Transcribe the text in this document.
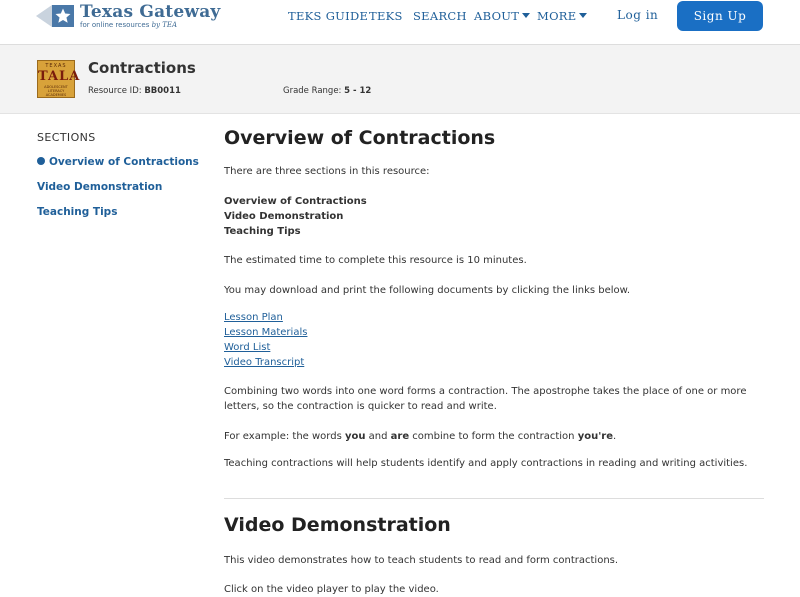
Texas Gateway
for online resources by TEA
TEKS GUIDE TEKS SEARCH ABOUT	MORE	Log in	Sign Up
TEXAS
TALA
ADOLESCENT LITERACY ACADEMIES
Contractions
Resource ID: BB0011	Grade Range: 5 - 12
SECTIONS
Overview of Contractions
Video Demonstration
Teaching Tips
Overview of Contractions
There are three sections in this resource:
Overview of Contractions
Video Demonstration
Teaching Tips
The estimated time to complete this resource is 10 minutes.
You may download and print the following documents by clicking the links below.
Lesson Plan
Lesson Materials
Word List
Video Transcript
Combining two words into one word forms a contraction. The apostrophe takes the place of one or more letters, so the contraction is quicker to read and write.
For example: the words you and are combine to form the contraction you're.
Teaching contractions will help students identify and apply contractions in reading and writing activities.
Video Demonstration
This video demonstrates how to teach students to read and form contractions.
Click on the video player to play the video.
